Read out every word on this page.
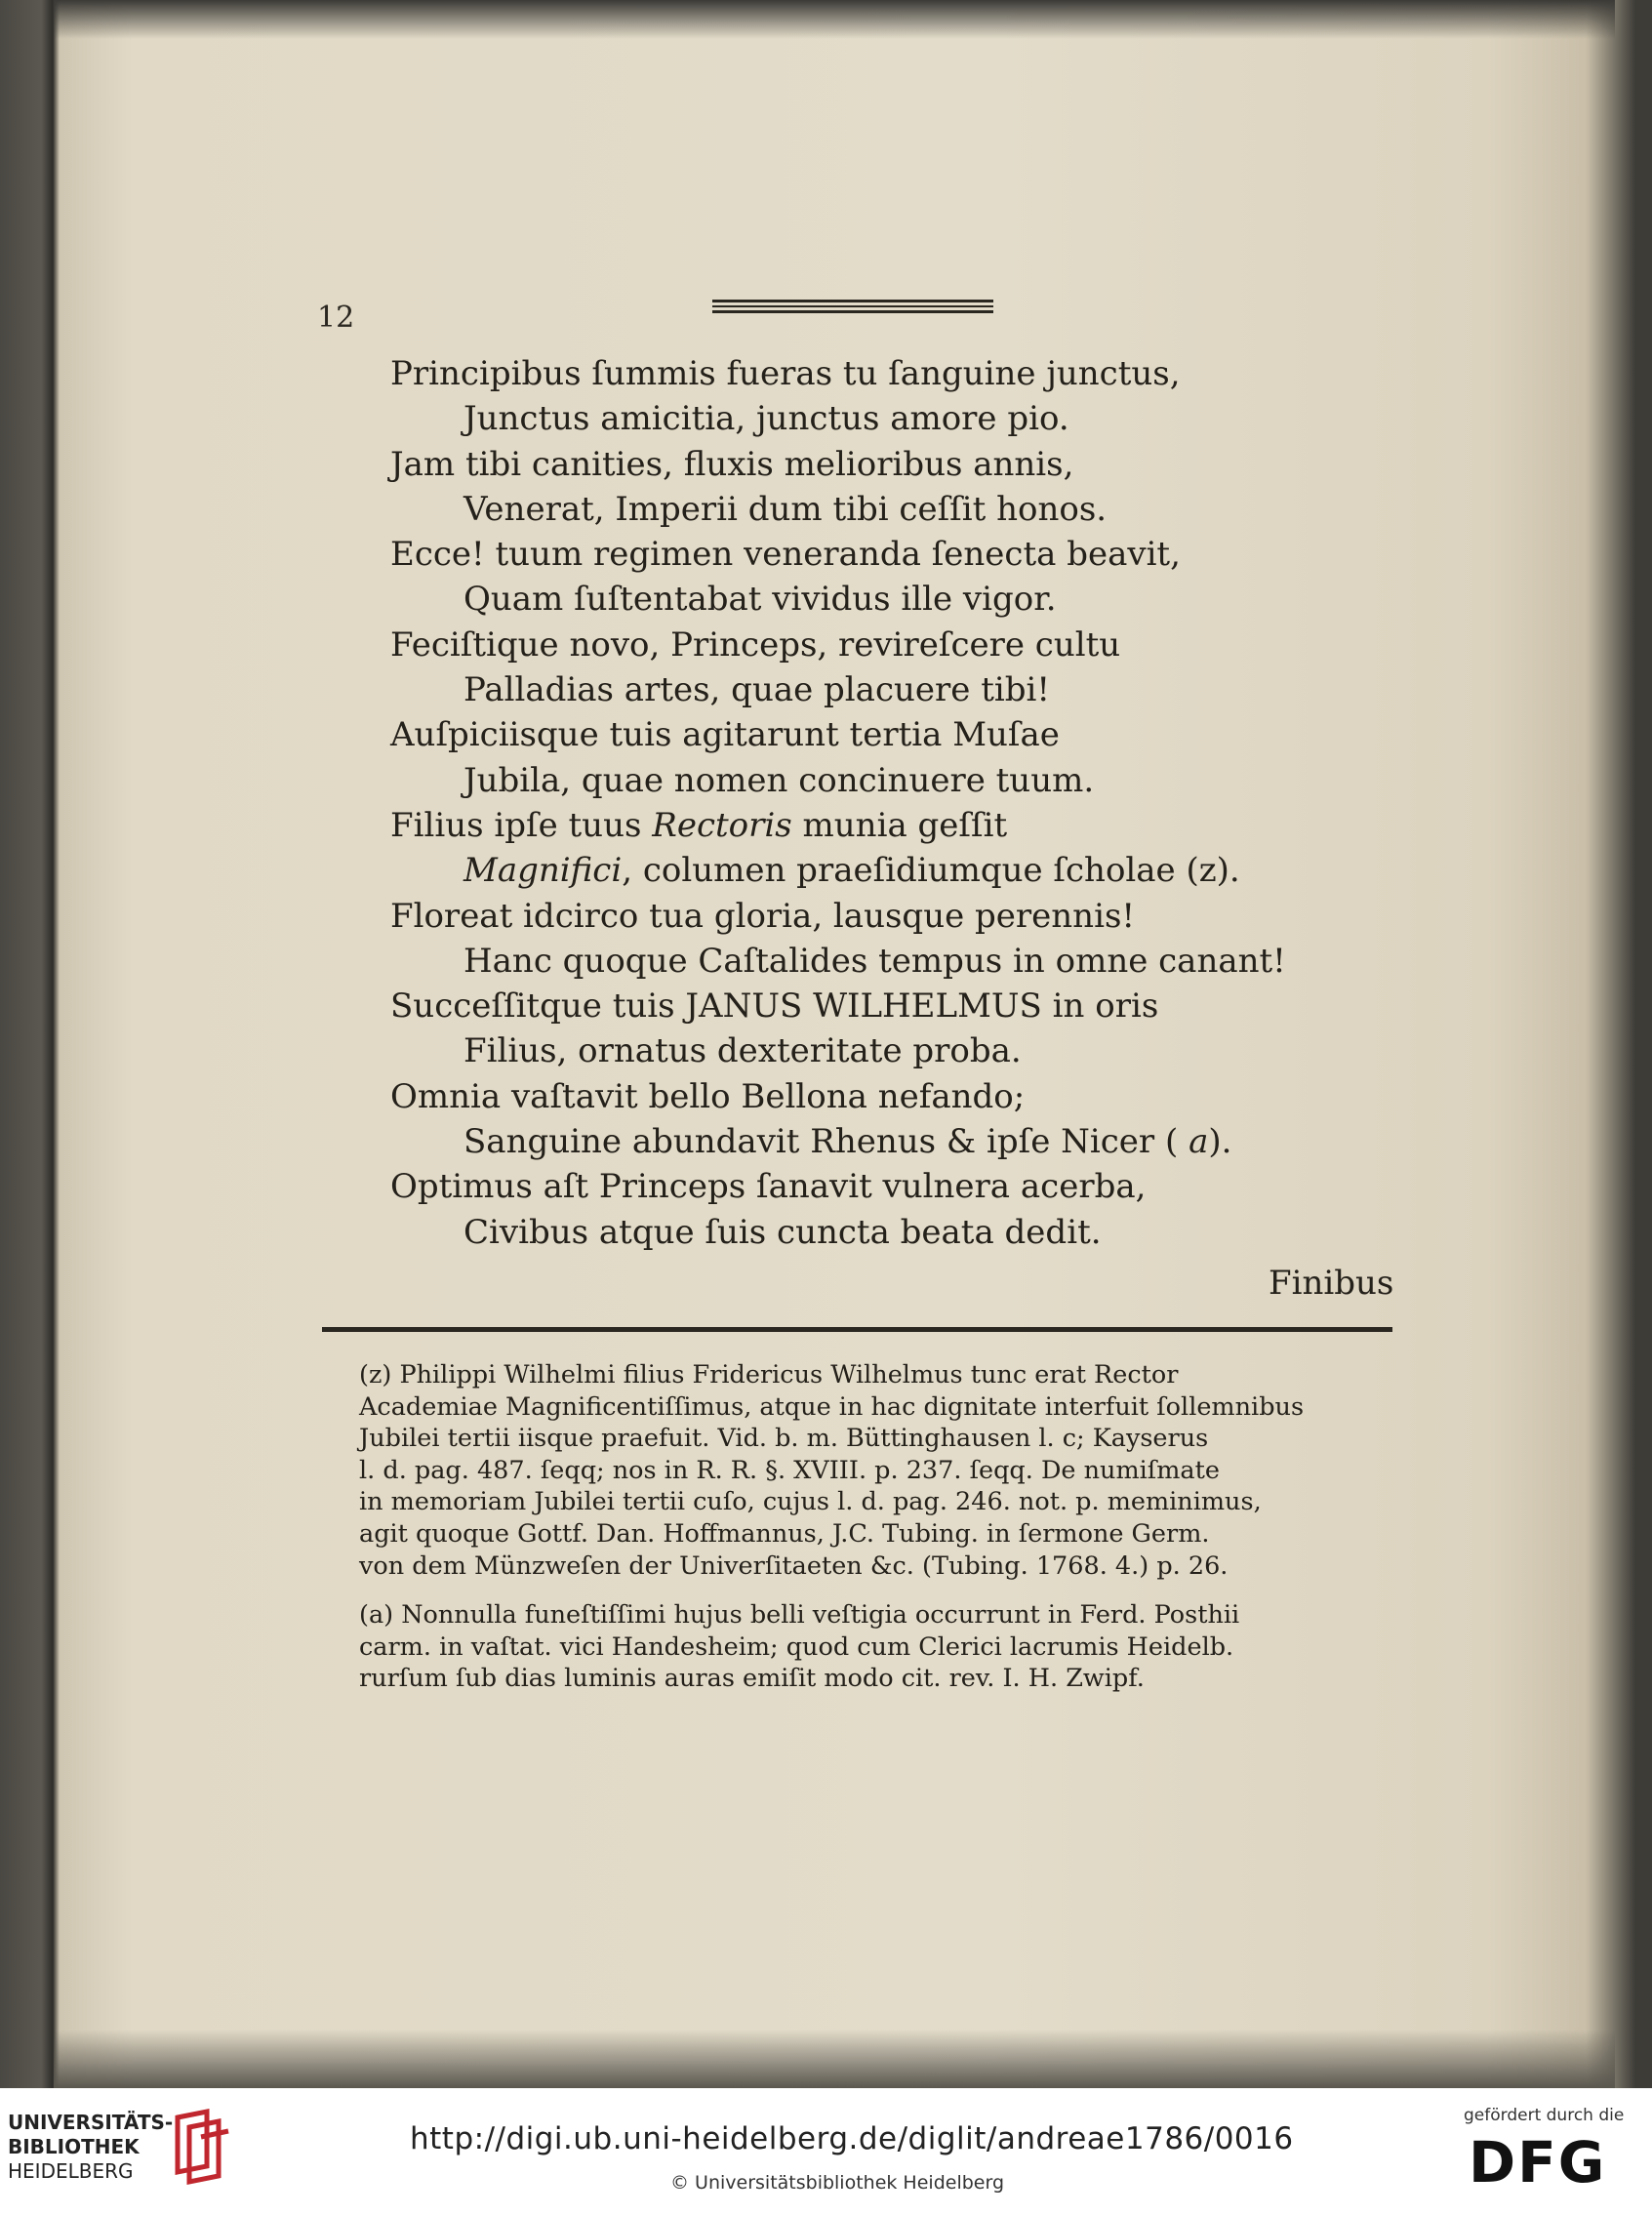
12
Principibus ſummis fueras tu ſanguine junctus,
Junctus amicitia, junctus amore pio.
Jam tibi canities, fluxis melioribus annis,
Venerat, Imperii dum tibi ceſſit honos.
Ecce! tuum regimen veneranda ſenecta beavit,
Quam ſuſtentabat vividus ille vigor.
Feciſtique novo, Princeps, revireſcere cultu
Palladias artes, quae placuere tibi!
Auſpiciisque tuis agitarunt tertia Muſae
Jubila, quae nomen concinuere tuum.
Filius ipſe tuus Rectoris munia geſſit
Magnifici, columen praeſidiumque ſcholae (z).
Floreat idcirco tua gloria, lausque perennis!
Hanc quoque Caſtalides tempus in omne canant!
Succeſſitque tuis JANUS WILHELMUS in oris
Filius, ornatus dexteritate proba.
Omnia vaſtavit bello Bellona nefando;
Sanguine abundavit Rhenus & ipſe Nicer ( a).
Optimus aſt Princeps ſanavit vulnera acerba,
Civibus atque ſuis cuncta beata dedit.
Finibus
(z) Philippi Wilhelmi filius Fridericus Wilhelmus tunc erat Rector
Academiae Magnificentiſſimus, atque in hac dignitate interfuit ſollemnibus
Jubilei tertii iisque praefuit. Vid. b. m. Büttinghausen l. c; Kayserus
l. d. pag. 487. ſeqq; nos in R. R. §. XVIII. p. 237. ſeqq. De numiſmate
in memoriam Jubilei tertii cuſo, cujus l. d. pag. 246. not. p. meminimus,
agit quoque Gottf. Dan. Hoffmannus, J.C. Tubing. in ſermone Germ.
von dem Münzweſen der Univerſitaeten &c. (Tubing. 1768. 4.) p. 26.
(a) Nonnulla funeſtiſſimi hujus belli veſtigia occurrunt in Ferd. Posthii
carm. in vaſtat. vici Handesheim; quod cum Clerici lacrumis Heidelb.
rurſum ſub dias luminis auras emiſit modo cit. rev. I. H. Zwipf.
UNIVERSITÄTS-
BIBLIOTHEK
HEIDELBERG
http://digi.ub.uni-heidelberg.de/diglit/andreae1786/0016
© Universitätsbibliothek Heidelberg
gefördert durch die
DFG
